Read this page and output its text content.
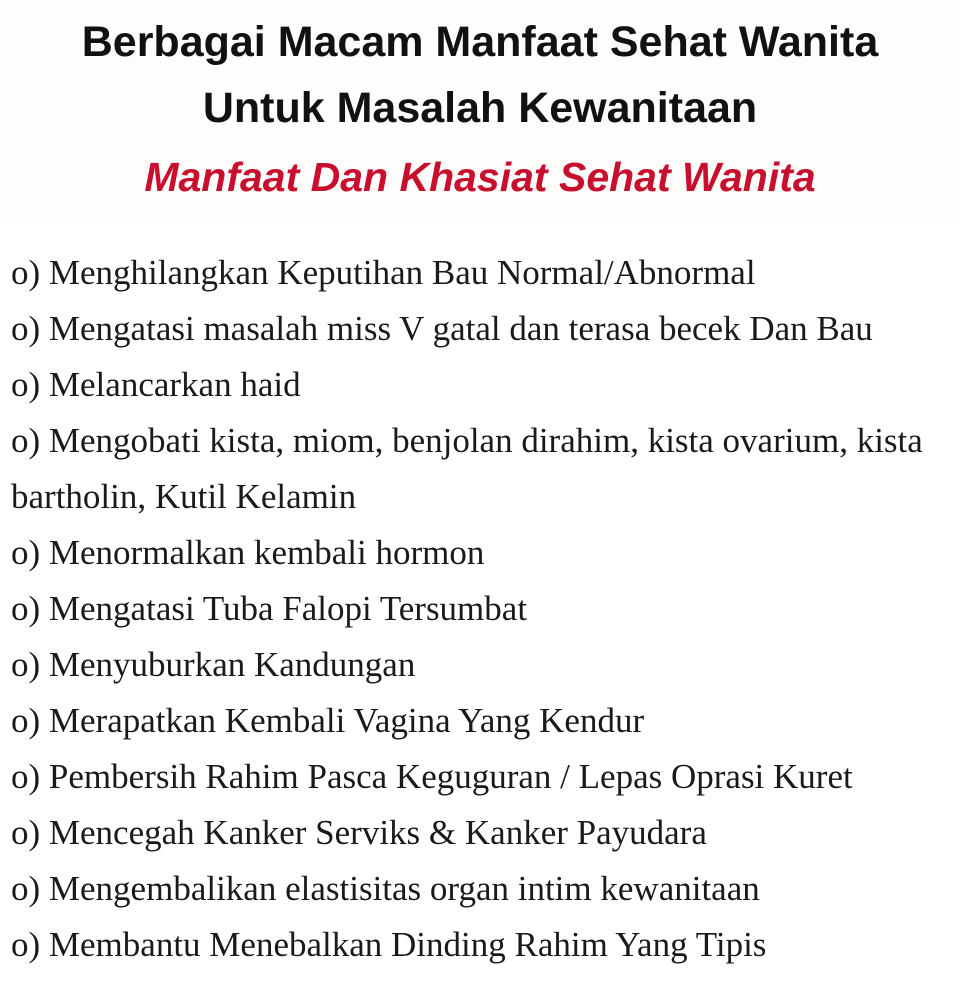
Berbagai Macam Manfaat Sehat Wanita
Untuk Masalah Kewanitaan
Manfaat Dan Khasiat Sehat Wanita
o) Menghilangkan Keputihan Bau Normal/Abnormal
o) Mengatasi masalah miss V gatal dan terasa becek Dan Bau
o) Melancarkan haid
o) Mengobati kista, miom, benjolan dirahim, kista ovarium, kista bartholin, Kutil Kelamin
o) Menormalkan kembali hormon
o) Mengatasi Tuba Falopi Tersumbat
o) Menyuburkan Kandungan
o) Merapatkan Kembali Vagina Yang Kendur
o) Pembersih Rahim Pasca Keguguran / Lepas Oprasi Kuret
o) Mencegah Kanker Serviks & Kanker Payudara
o) Mengembalikan elastisitas organ intim kewanitaan
o) Membantu Menebalkan Dinding Rahim Yang Tipis
